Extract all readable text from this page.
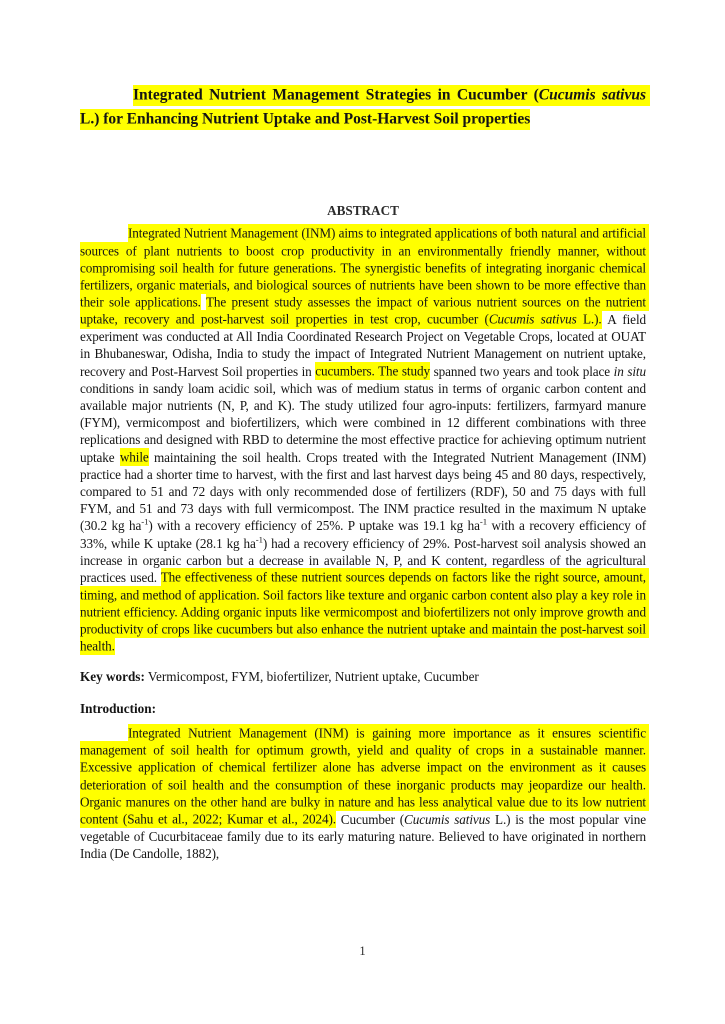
Integrated Nutrient Management Strategies in Cucumber (Cucumis sativus L.) for Enhancing Nutrient Uptake and Post-Harvest Soil properties
ABSTRACT

Integrated Nutrient Management (INM) aims to integrated applications of both natural and artificial sources of plant nutrients to boost crop productivity in an environmentally friendly manner, without compromising soil health for future generations. The synergistic benefits of integrating inorganic chemical fertilizers, organic materials, and biological sources of nutrients have been shown to be more effective than their sole applications. The present study assesses the impact of various nutrient sources on the nutrient uptake, recovery and post-harvest soil properties in test crop, cucumber (Cucumis sativus L.). A field experiment was conducted at All India Coordinated Research Project on Vegetable Crops, located at OUAT in Bhubaneswar, Odisha, India to study the impact of Integrated Nutrient Management on nutrient uptake, recovery and Post-Harvest Soil properties in cucumbers. The study spanned two years and took place in situ conditions in sandy loam acidic soil, which was of medium status in terms of organic carbon content and available major nutrients (N, P, and K). The study utilized four agro-inputs: fertilizers, farmyard manure (FYM), vermicompost and biofertilizers, which were combined in 12 different combinations with three replications and designed with RBD to determine the most effective practice for achieving optimum nutrient uptake while maintaining the soil health. Crops treated with the Integrated Nutrient Management (INM) practice had a shorter time to harvest, with the first and last harvest days being 45 and 80 days, respectively, compared to 51 and 72 days with only recommended dose of fertilizers (RDF), 50 and 75 days with full FYM, and 51 and 73 days with full vermicompost. The INM practice resulted in the maximum N uptake (30.2 kg $ha^{-1}$) with a recovery efficiency of 25%. P uptake was 19.1 kg $ha^{-1}$ with a recovery efficiency of 33%, while K uptake (28.1 kg $ha^{-1}$) had a recovery efficiency of 29%. Post-harvest soil analysis showed an increase in organic carbon but a decrease in available N, P, and K content, regardless of the agricultural practices used. The effectiveness of these nutrient sources depends on factors like the right source, amount, timing, and method of application. Soil factors like texture and organic carbon content also play a key role in nutrient efficiency. Adding organic inputs like vermicompost and biofertilizers not only improve growth and productivity of crops like cucumbers but also enhance the nutrient uptake and maintain the post-harvest soil health.

Key words: Vermicompost, FYM, biofertilizer, Nutrient uptake, Cucumber

Introduction:

Integrated Nutrient Management (INM) is gaining more importance as it ensures scientific management of soil health for optimum growth, yield and quality of crops in a sustainable manner. Excessive application of chemical fertilizer alone has adverse impact on the environment as it causes deterioration of soil health and the consumption of these inorganic products may jeopardize our health. Organic manures on the other hand are bulky in nature and has less analytical value due to its low nutrient content (Sahu et al., 2022; Kumar et al., 2024). Cucumber (Cucumis sativus L.) is the most popular vine vegetable of Cucurbitaceae family due to its early maturing nature. Believed to have originated in northern India (De Candolle, 1882),

1
